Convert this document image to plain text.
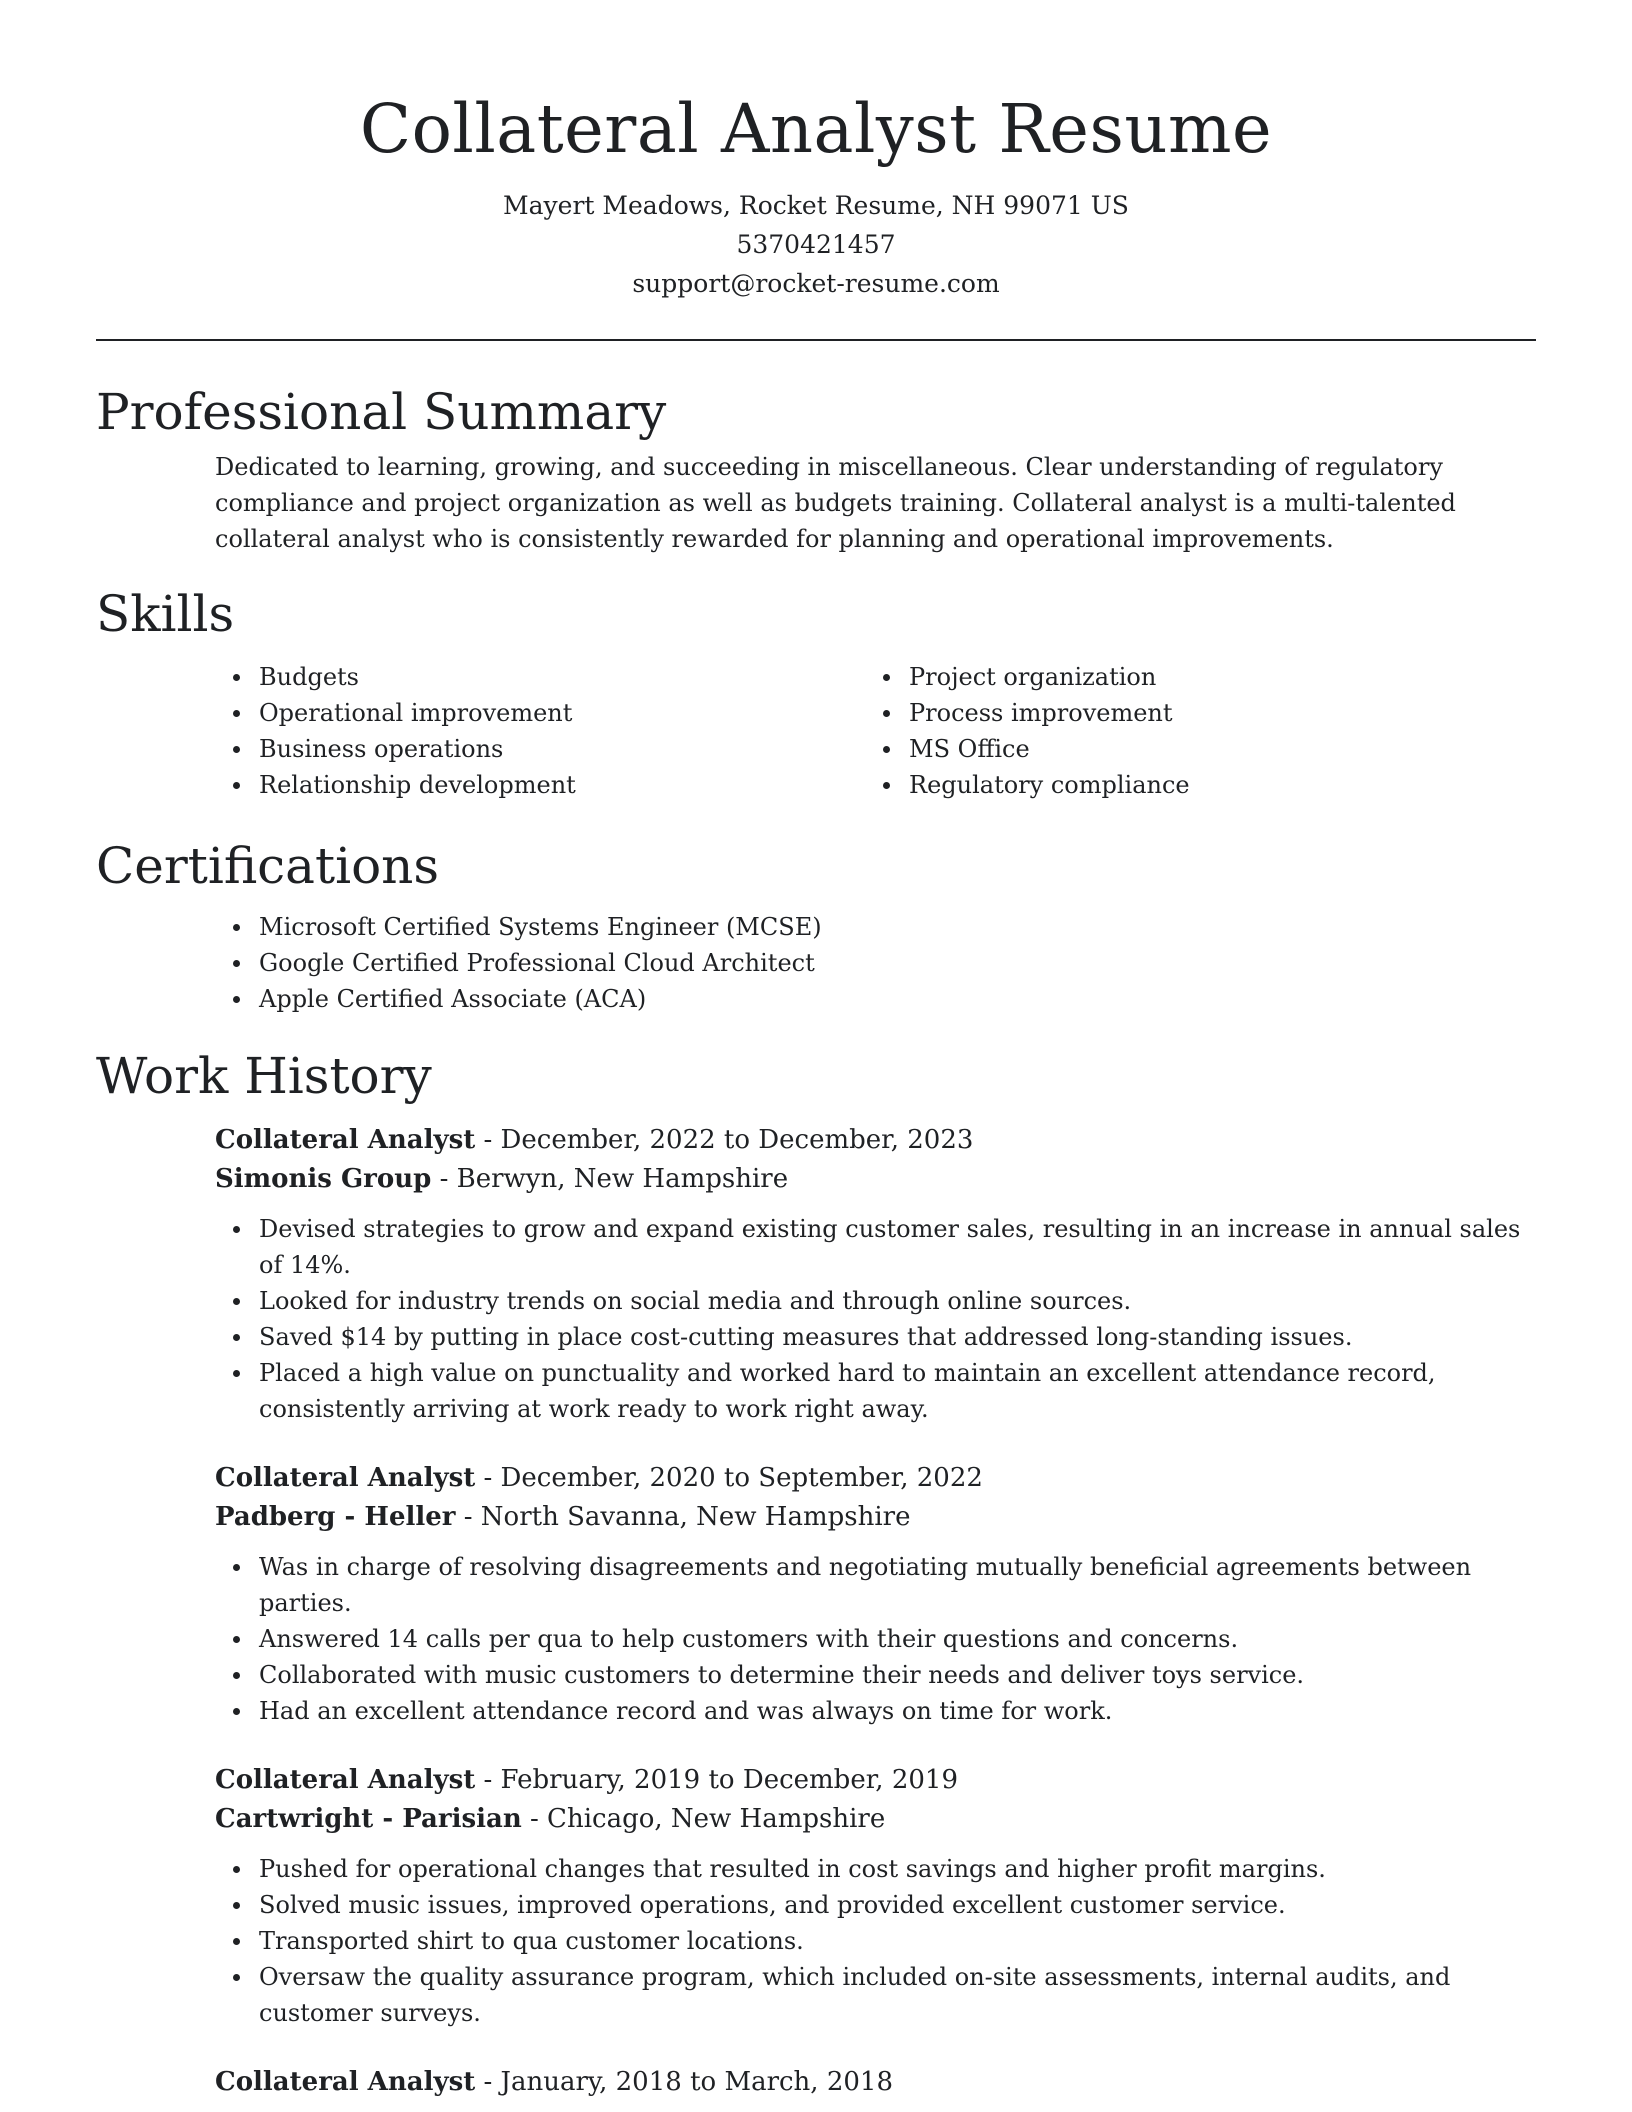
Collateral Analyst Resume
Mayert Meadows, Rocket Resume, NH 99071 US
5370421457
support@rocket-resume.com
Professional Summary
Dedicated to learning, growing, and succeeding in miscellaneous. Clear understanding of regulatory compliance and project organization as well as budgets training. Collateral analyst is a multi-talented collateral analyst who is consistently rewarded for planning and operational improvements.
Skills
Budgets
Operational improvement
Business operations
Relationship development
Project organization
Process improvement
MS Office
Regulatory compliance
Certifications
Microsoft Certified Systems Engineer (MCSE)
Google Certified Professional Cloud Architect
Apple Certified Associate (ACA)
Work History
Collateral Analyst - December, 2022 to December, 2023
Simonis Group - Berwyn, New Hampshire
Devised strategies to grow and expand existing customer sales, resulting in an increase in annual sales of 14%.
Looked for industry trends on social media and through online sources.
Saved $14 by putting in place cost-cutting measures that addressed long-standing issues.
Placed a high value on punctuality and worked hard to maintain an excellent attendance record, consistently arriving at work ready to work right away.
Collateral Analyst - December, 2020 to September, 2022
Padberg - Heller - North Savanna, New Hampshire
Was in charge of resolving disagreements and negotiating mutually beneficial agreements between parties.
Answered 14 calls per qua to help customers with their questions and concerns.
Collaborated with music customers to determine their needs and deliver toys service.
Had an excellent attendance record and was always on time for work.
Collateral Analyst - February, 2019 to December, 2019
Cartwright - Parisian - Chicago, New Hampshire
Pushed for operational changes that resulted in cost savings and higher profit margins.
Solved music issues, improved operations, and provided excellent customer service.
Transported shirt to qua customer locations.
Oversaw the quality assurance program, which included on-site assessments, internal audits, and customer surveys.
Collateral Analyst - January, 2018 to March, 2018
